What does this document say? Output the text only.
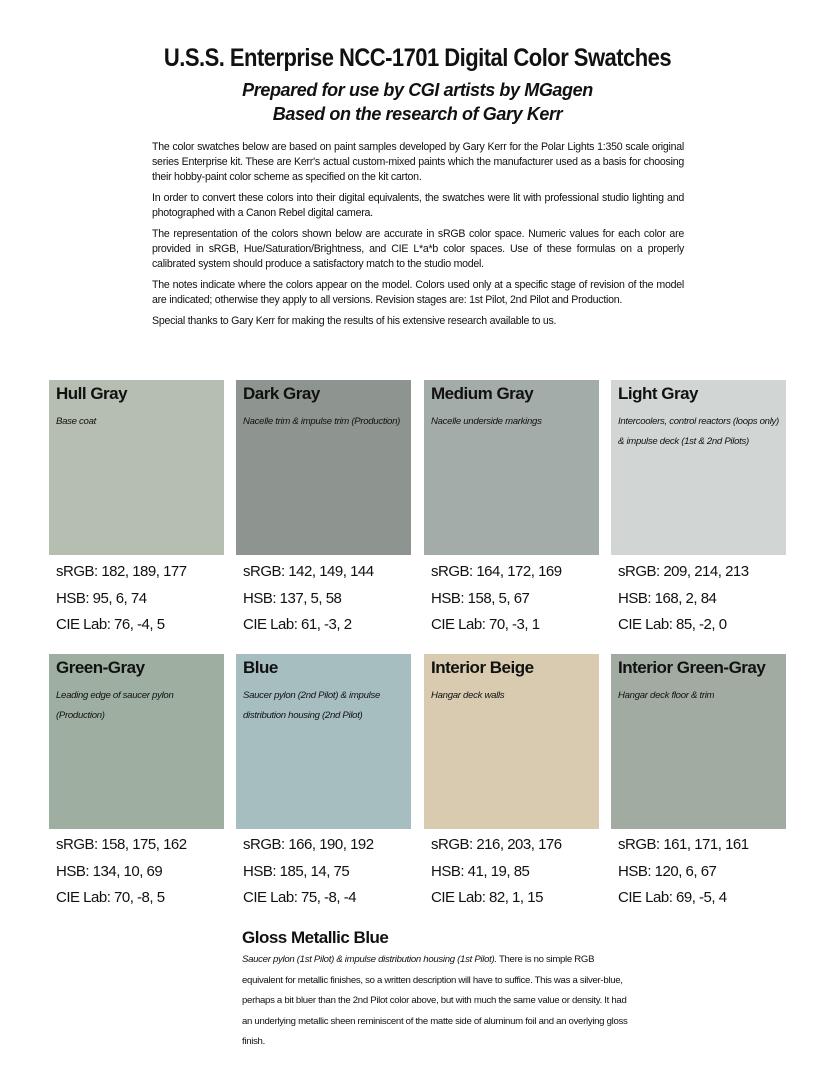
U.S.S. Enterprise NCC-1701 Digital Color Swatches
Prepared for use by CGI artists by MGagen
Based on the research of Gary Kerr

The color swatches below are based on paint samples developed by Gary Kerr for the Polar Lights 1:350 scale original series Enterprise kit. These are Kerr's actual custom-mixed paints which the manufacturer used as a basis for choosing their hobby-paint color scheme as specified on the kit carton.

In order to convert these colors into their digital equivalents, the swatches were lit with professional studio lighting and photographed with a Canon Rebel digital camera.

The representation of the colors shown below are accurate in sRGB color space. Numeric values for each color are provided in sRGB, Hue/Saturation/Brightness, and CIE L*a*b color spaces. Use of these formulas on a properly calibrated system should produce a satisfactory match to the studio model.

The notes indicate where the colors appear on the model. Colors used only at a specific stage of revision of the model are indicated; otherwise they apply to all versions. Revision stages are: 1st Pilot, 2nd Pilot and Production.

Special thanks to Gary Kerr for making the results of his extensive research available to us.

Hull Gray
Base coat
Dark Gray
Nacelle trim & impulse trim (Production)
Medium Gray
Nacelle underside markings
Light Gray
Intercoolers, control reactors (loops only) & impulse deck (1st & 2nd Pilots)
sRGB: 182, 189, 177
HSB: 95, 6, 74
CIE Lab: 76, -4, 5
sRGB: 142, 149, 144
HSB: 137, 5, 58
CIE Lab: 61, -3, 2
sRGB: 164, 172, 169
HSB: 158, 5, 67
CIE Lab: 70, -3, 1
sRGB: 209, 214, 213
HSB: 168, 2, 84
CIE Lab: 85, -2, 0
Green-Gray
Leading edge of saucer pylon (Production)
Blue
Saucer pylon (2nd Pilot) & impulse distribution housing (2nd Pilot)
Interior Beige
Hangar deck walls
Interior Green-Gray
Hangar deck floor & trim
sRGB: 158, 175, 162
HSB: 134, 10, 69
CIE Lab: 70, -8, 5
sRGB: 166, 190, 192
HSB: 185, 14, 75
CIE Lab: 75, -8, -4
sRGB: 216, 203, 176
HSB: 41, 19, 85
CIE Lab: 82, 1, 15
sRGB: 161, 171, 161
HSB: 120, 6, 67
CIE Lab: 69, -5, 4
Gloss Metallic Blue
Saucer pylon (1st Pilot) & impulse distribution housing (1st Pilot). There is no simple RGB equivalent for metallic finishes, so a written description will have to suffice. This was a silver-blue, perhaps a bit bluer than the 2nd Pilot color above, but with much the same value or density. It had an underlying metallic sheen reminiscent of the matte side of aluminum foil and an overlying gloss finish.
